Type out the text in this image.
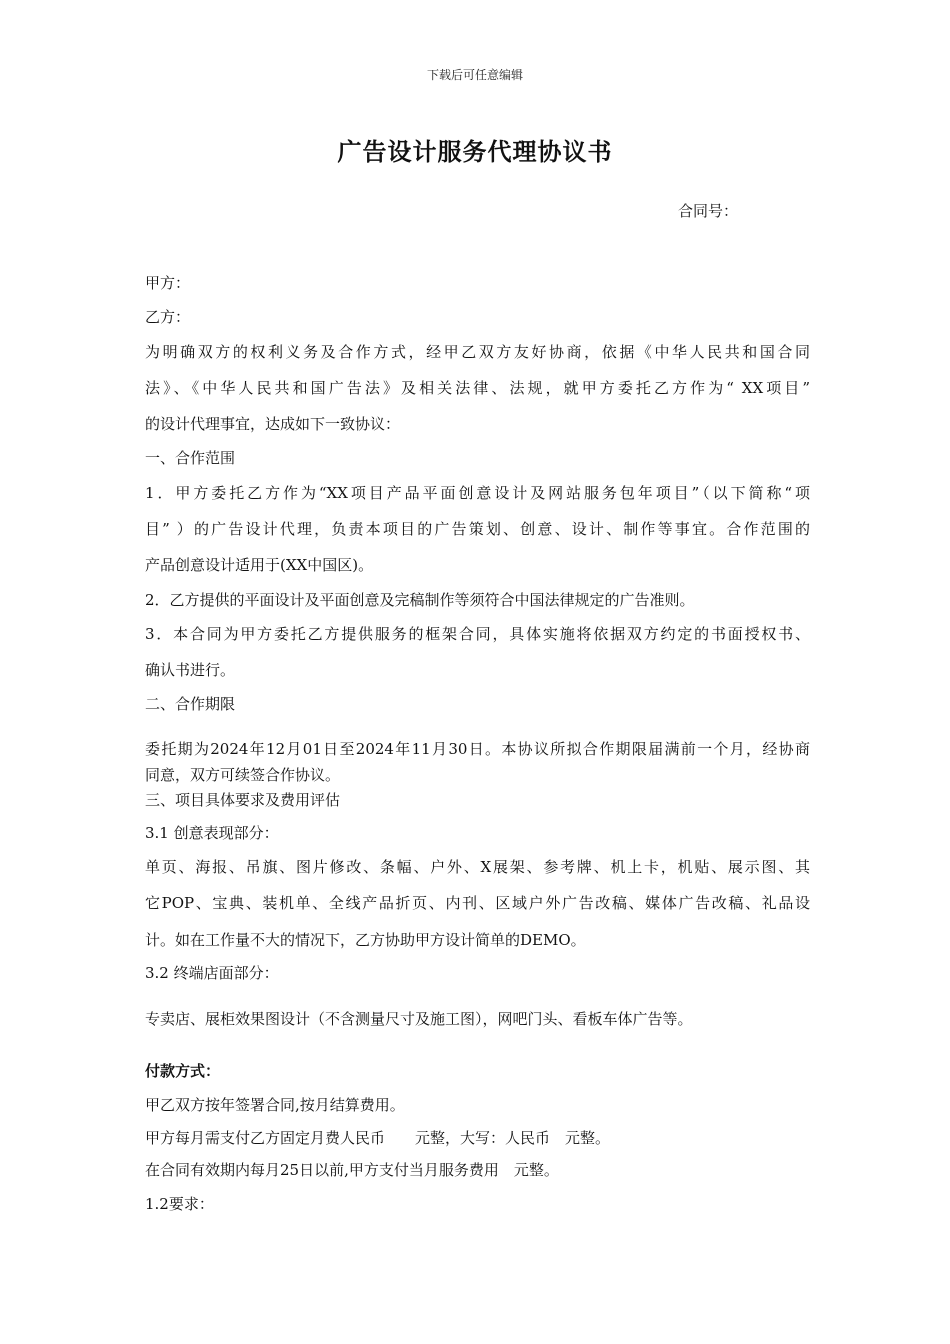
下载后可任意编辑
广告设计服务代理协议书
合同号：
甲方：
乙方：
为明确双方的权利义务及合作方式，经甲乙双方友好协商，依据《中华人民共和国合同
法》、《中华人民共和国广告法》及相关法律、法规，就甲方委托乙方作为“ XX项目”
的设计代理事宜，达成如下一致协议：
一、合作范围
1．甲方委托乙方作为“XX项目产品平面创意设计及网站服务包年项目”（以下简称“项
目” ）的广告设计代理，负责本项目的广告策划、创意、设计、制作等事宜。合作范围的
产品创意设计适用于(XX中国区)。
2．乙方提供的平面设计及平面创意及完稿制作等须符合中国法律规定的广告准则。
3．本合同为甲方委托乙方提供服务的框架合同，具体实施将依据双方约定的书面授权书、
确认书进行。
二、合作期限
委托期为2024年12月01日至2024年11月30日。本协议所拟合作期限届满前一个月，经协商
同意，双方可续签合作协议。
三、项目具体要求及费用评估
3.1 创意表现部分：
单页、海报、吊旗、图片修改、条幅、户外、X展架、参考牌、机上卡，机贴、展示图、其
它POP、宝典、装机单、全线产品折页、内刊、区域户外广告改稿、媒体广告改稿、礼品设
计。如在工作量不大的情况下，乙方协助甲方设计简单的DEMO。
3.2 终端店面部分：
专卖店、展柜效果图设计（不含测量尺寸及施工图），网吧门头、看板车体广告等。
付款方式：
甲乙双方按年签署合同,按月结算费用。
甲方每月需支付乙方固定月费人民币　　元整，大写：人民币　元整。
在合同有效期内每月25日以前,甲方支付当月服务费用　元整。
1.2要求：
